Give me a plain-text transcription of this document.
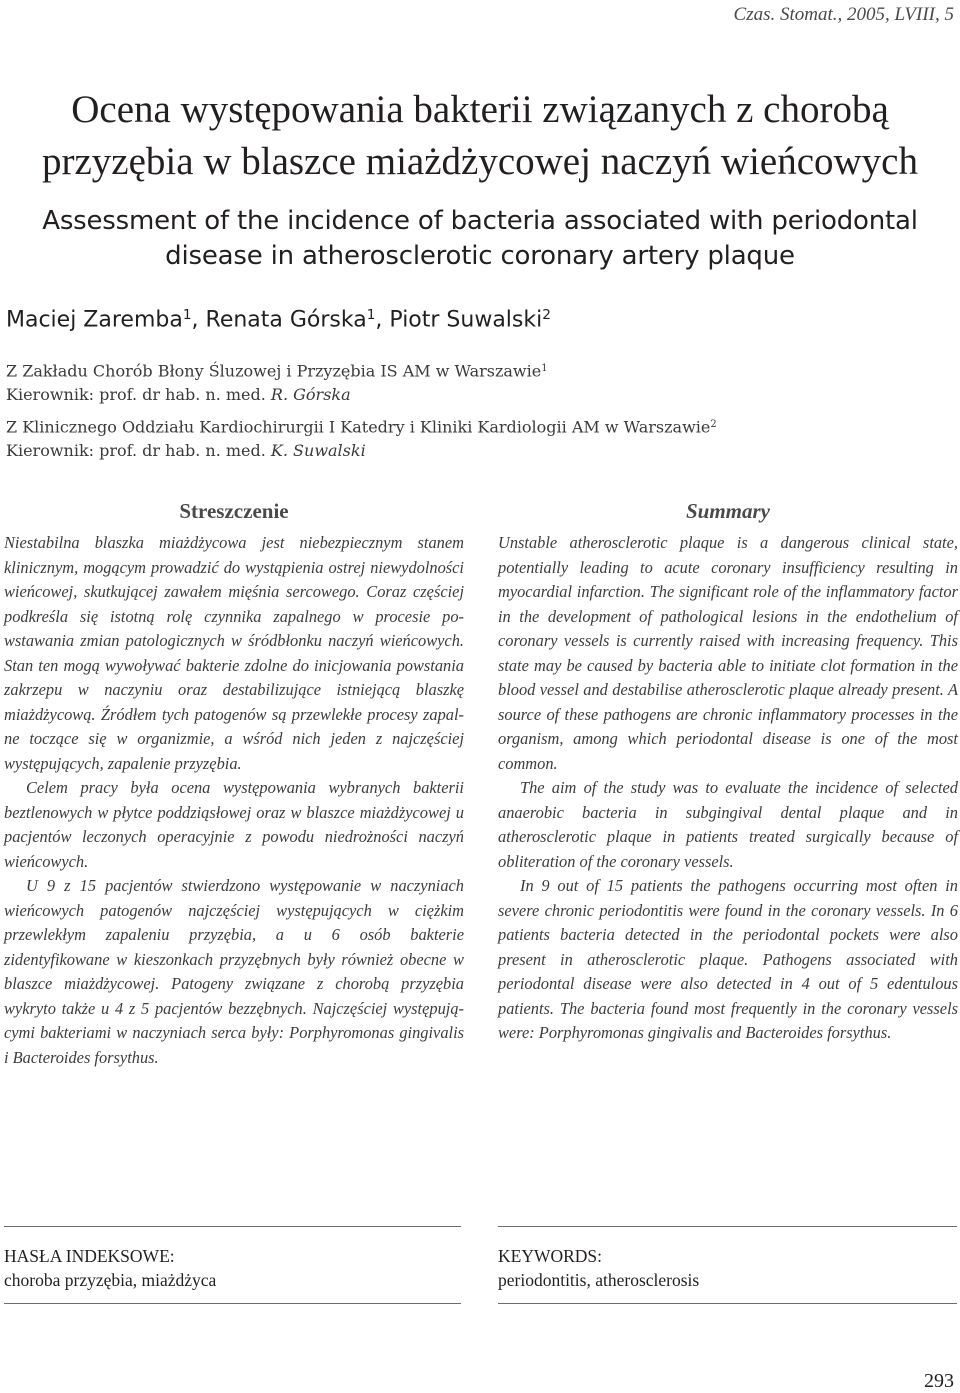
Czas. Stomat., 2005, LVIII, 5

Ocena występowania bakterii związanych z chorobą
przyzębia w blaszce miażdżycowej naczyń wieńcowych
Assessment of the incidence of bacteria associated with periodontal
disease in atherosclerotic coronary artery plaque

Maciej Zaremba$^1$, Renata Górska$^1$, Piotr Suwalski$^2$

Z Zakładu Chorób Błony Śluzowej i Przyzębia IS AM w Warszawie$^1$
Kierownik: prof. dr hab. n. med. R. Górska
Z Klinicznego Oddziału Kardiochirurgii I Katedry i Kliniki Kardiologii AM w Warszawie$^2$
Kierownik: prof. dr hab. n. med. K. Suwalski
Streszczenie

Niestabilna blaszka miażdżycowa jest niebezpiecznym stanem klinicznym, mogącym prowadzić do wystąpienia ostrej niewydolności wieńcowej, skutkującej zawałem mięśnia sercowego. Coraz częściej podkreśla się istotną rolę czynnika zapalnego w procesie powstawania zmian patologicznych w śródbłonku naczyń wieńcowych. Stan ten mogą wywoływać bakterie zdolne do inicjowania powstania zakrzepu w naczyniu oraz destabilizujące istniejącą blaszkę miażdżycową. Źródłem tych patogenów są przewlekłe procesy zapalne toczące się w organizmie, a wśród nich jeden z najczęściej występujących, zapalenie przyzębia.

Celem pracy była ocena występowania wybranych bakterii beztlenowych w płytce poddziąsłowej oraz w blaszce miażdżycowej u pacjentów leczonych operacyjnie z powodu niedrożności naczyń wieńcowych.

U 9 z 15 pacjentów stwierdzono występowanie w naczyniach wieńcowych patogenów najczęściej występujących w ciężkim przewlekłym zapaleniu przyzębia, a u 6 osób bakterie zidentyfikowane w kieszonkach przyzębnych były również obecne w blaszce miażdżycowej. Patogeny związane z chorobą przyzębia wykryto także u 4 z 5 pacjentów bezzębnych. Najczęściej występującymi bakteriami w naczyniach serca były: Porphyromonas gingivalis i Bacteroides forsythus.

Summary

Unstable atherosclerotic plaque is a dangerous clinical state, potentially leading to acute coronary insufficiency resulting in myocardial infarction. The significant role of the inflammatory factor in the development of pathological lesions in the endothelium of coronary vessels is currently raised with increasing frequency. This state may be caused by bacteria able to initiate clot formation in the blood vessel and destabilise atherosclerotic plaque already present. A source of these pathogens are chronic inflammatory processes in the organism, among which periodontal disease is one of the most common.

The aim of the study was to evaluate the incidence of selected anaerobic bacteria in subgingival dental plaque and in atherosclerotic plaque in patients treated surgically because of obliteration of the coronary vessels.

In 9 out of 15 patients the pathogens occurring most often in severe chronic periodontitis were found in the coronary vessels. In 6 patients bacteria detected in the periodontal pockets were also present in atherosclerotic plaque. Pathogens associated with periodontal disease were also detected in 4 out of 5 edentulous patients. The bacteria found most frequently in the coronary vessels were: Porphyromonas gingivalis and Bacteroides forsythus.

HASŁA INDEKSOWE:
choroba przyzębia, miażdżyca
KEYWORDS:
periodontitis, atherosclerosis

293
